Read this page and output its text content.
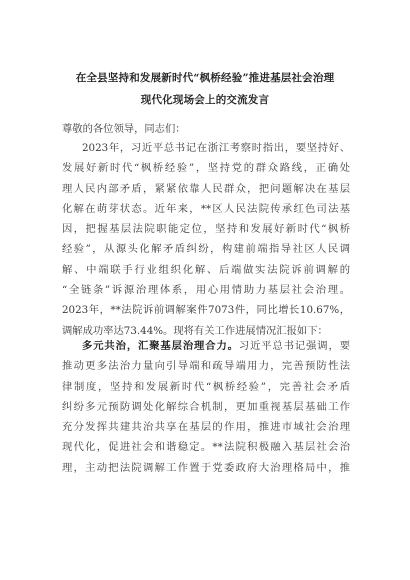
在全县坚持和发展新时代“枫桥经验”推进基层社会治理
现代化现场会上的交流发言
尊敬的各位领导，同志们：
2023年，习近平总书记在浙江考察时指出，要坚持好、
发展好新时代“枫桥经验”，坚持党的群众路线，正确处
理人民内部矛盾，紧紧依靠人民群众，把问题解决在基层
化解在萌芽状态。近年来，**区人民法院传承红色司法基
因，把握基层法院职能定位，坚持和发展好新时代“枫桥
经验”，从源头化解矛盾纠纷，构建前端指导社区人民调
解、中端联手行业组织化解、后端做实法院诉前调解的
“全链条”诉源治理体系，用心用情助力基层社会治理。
2023年，**法院诉前调解案件7073件，同比增长10.67%，
调解成功率达73.44%。现将有关工作进展情况汇报如下：
多元共治，汇聚基层治理合力。习近平总书记强调，要
推动更多法治力量向引导端和疏导端用力，完善预防性法
律制度，坚持和发展新时代“枫桥经验”，完善社会矛盾
纠纷多元预防调处化解综合机制，更加重视基层基础工作
充分发挥共建共治共享在基层的作用，推进市域社会治理
现代化，促进社会和谐稳定。**法院积极融入基层社会治
理，主动把法院调解工作置于党委政府大治理格局中，推
